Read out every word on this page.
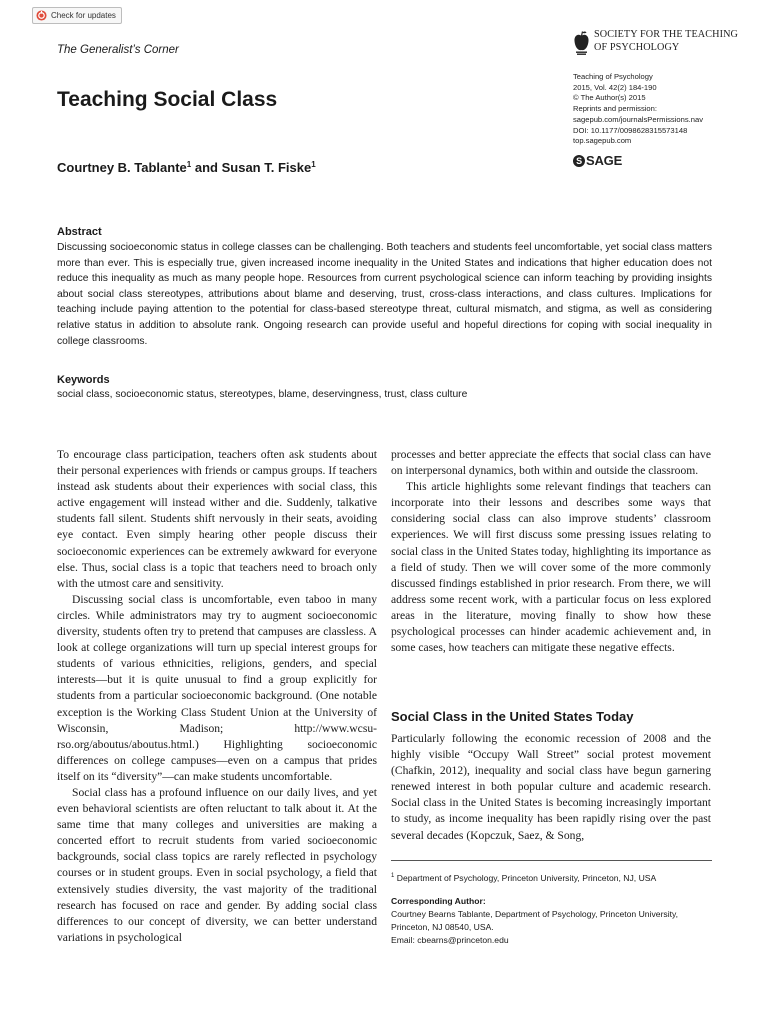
Check for updates
The Generalist’s Corner
Teaching Social Class
Courtney B. Tablante$^1$ and Susan T. Fiske$^1$
SOCIETY FOR THE TEACHING
OF PSYCHOLOGY
Teaching of Psychology
2015, Vol. 42(2) 184-190
© The Author(s) 2015
Reprints and permission:
sagepub.com/journalsPermissions.nav
DOI: 10.1177/0098628315573148
top.sagepub.com
S SAGE
Abstract

Discussing socioeconomic status in college classes can be challenging. Both teachers and students feel uncomfortable, yet social class matters more than ever. This is especially true, given increased income inequality in the United States and indications that higher education does not reduce this inequality as much as many people hope. Resources from current psychological science can inform teaching by providing insights about social class stereotypes, attributions about blame and deserving, trust, cross-class interactions, and class cultures. Implications for teaching include paying attention to the potential for class-based stereotype threat, cultural mismatch, and stigma, as well as considering relative status in addition to absolute rank. Ongoing research can provide useful and hopeful directions for coping with social inequality in college classrooms.

Keywords
social class, socioeconomic status, stereotypes, blame, deservingness, trust, class culture

To encourage class participation, teachers often ask students about their personal experiences with friends or campus groups. If teachers instead ask students about their experiences with social class, this active engagement will instead wither and die. Suddenly, talkative students fall silent. Students shift nervously in their seats, avoiding eye contact. Even simply hearing other people discuss their socioeconomic experiences can be extremely awkward for everyone else. Thus, social class is a topic that teachers need to broach only with the utmost care and sensitivity.

Discussing social class is uncomfortable, even taboo in many circles. While administrators may try to augment socioeconomic diversity, students often try to pretend that campuses are classless. A look at college organizations will turn up special interest groups for students of various ethnicities, religions, genders, and special interests—but it is quite unusual to find a group explicitly for students from a particular socioeconomic background. (One notable exception is the Working Class Student Union at the University of Wisconsin, Madison; http://www.wcsu-rso.org/aboutus/aboutus.html.) Highlighting socioeconomic differences on college campuses—even on a campus that prides itself on its “diversity”—can make students uncomfortable.

Social class has a profound influence on our daily lives, and yet even behavioral scientists are often reluctant to talk about it. At the same time that many colleges and universities are making a concerted effort to recruit students from varied socioeconomic backgrounds, social class topics are rarely reflected in psychology courses or in student groups. Even in social psychology, a field that extensively studies diversity, the vast majority of the traditional research has focused on race and gender. By adding social class differences to our concept of diversity, we can better understand variations in psychological

processes and better appreciate the effects that social class can have on interpersonal dynamics, both within and outside the classroom.

This article highlights some relevant findings that teachers can incorporate into their lessons and describes some ways that considering social class can also improve students’ classroom experiences. We will first discuss some pressing issues relating to social class in the United States today, highlighting its importance as a field of study. Then we will cover some of the more commonly discussed findings established in prior research. From there, we will address some recent work, with a particular focus on less explored areas in the literature, moving finally to show how these psychological processes can hinder academic achievement and, in some cases, how teachers can mitigate these negative effects.

Social Class in the United States Today

Particularly following the economic recession of 2008 and the highly visible “Occupy Wall Street” social protest movement (Chafkin, 2012), inequality and social class have begun garnering renewed interest in both popular culture and academic research. Social class in the United States is becoming increasingly important to study, as income inequality has been rapidly rising over the past several decades (Kopczuk, Saez, & Song,

$^1$ Department of Psychology, Princeton University, Princeton, NJ, USA
Corresponding Author:
Courtney Bearns Tablante, Department of Psychology, Princeton University, Princeton, NJ 08540, USA.
Email: cbearns@princeton.edu
